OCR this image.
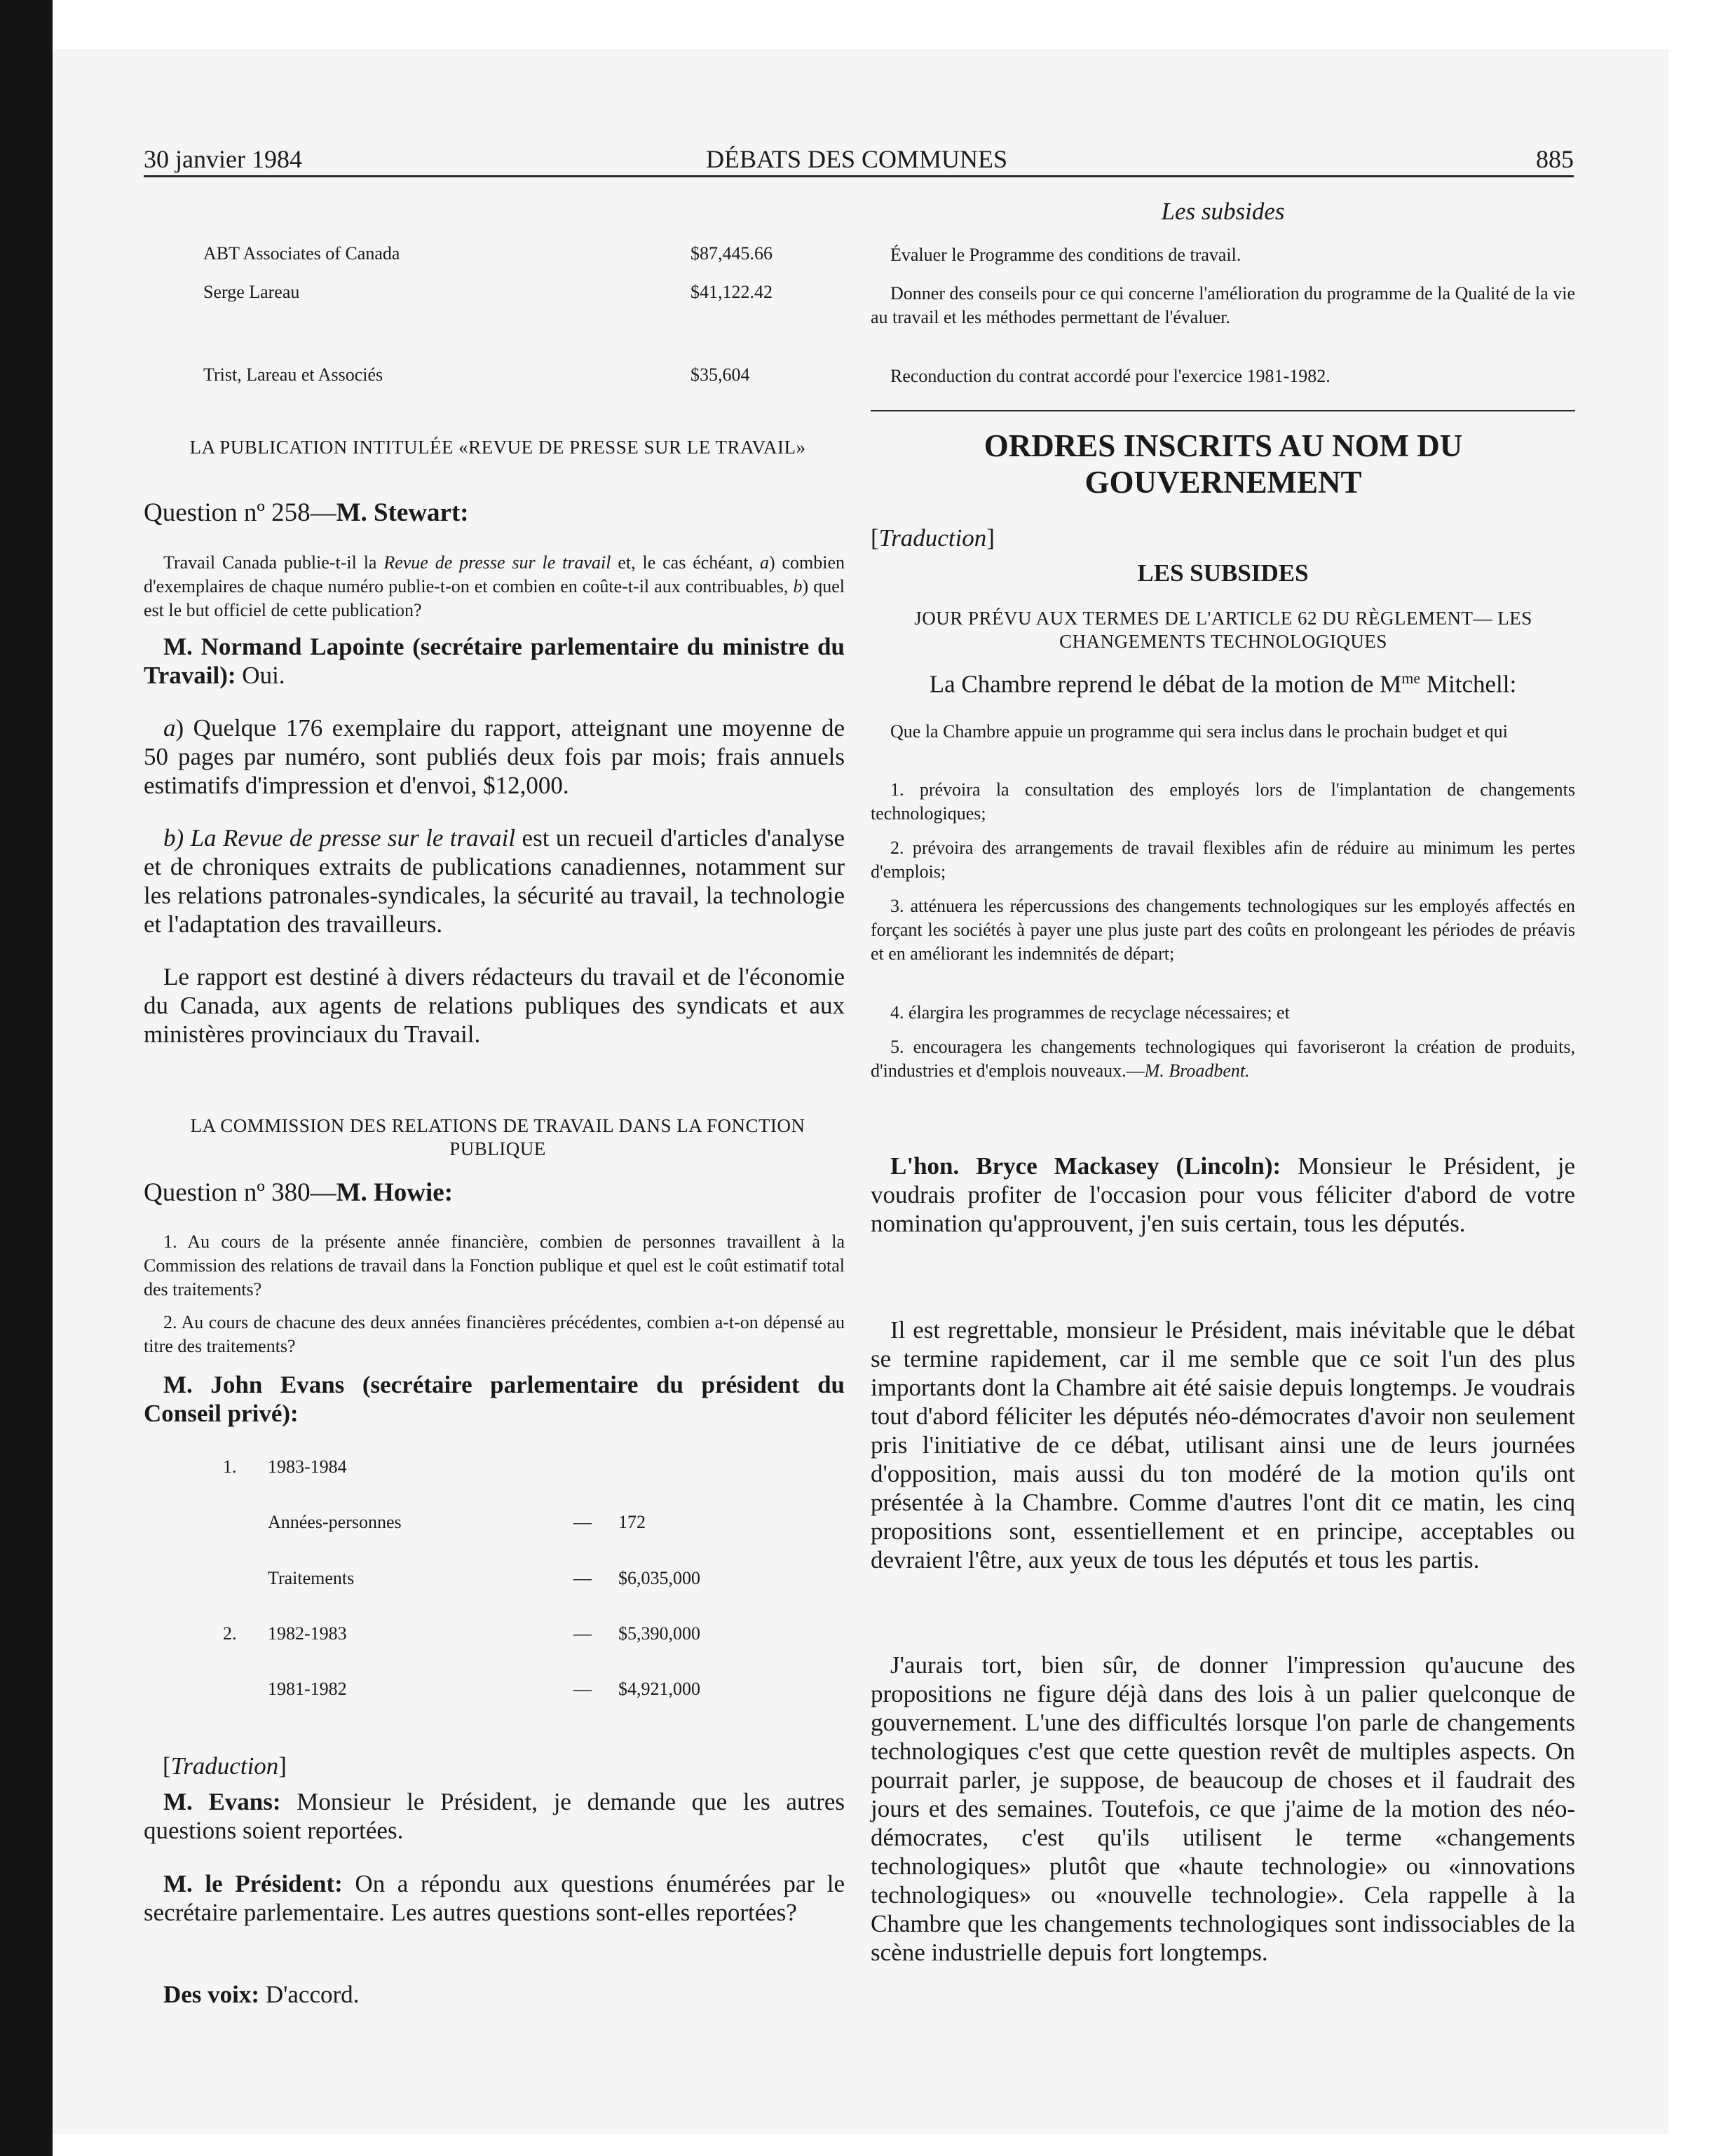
30 janvier 1984	DÉBATS DES COMMUNES	885
ABT Associates of Canada	$87,445.66
Serge Lareau	$41,122.42
Trist, Lareau et Associés	$35,604
LA PUBLICATION INTITULÉE «REVUE DE PRESSE SUR LE TRAVAIL»
Question nº 258—M. Stewart:

Travail Canada publie-t-il la Revue de presse sur le travail et, le cas échéant, a) combien d'exemplaires de chaque numéro publie-t-on et combien en coûte-t-il aux contribuables, b) quel est le but officiel de cette publication?

M. Normand Lapointe (secrétaire parlementaire du ministre du Travail): Oui.

a) Quelque 176 exemplaire du rapport, atteignant une moyenne de 50 pages par numéro, sont publiés deux fois par mois; frais annuels estimatifs d'impression et d'envoi, $12,000.

b) La Revue de presse sur le travail est un recueil d'articles d'analyse et de chroniques extraits de publications canadiennes, notamment sur les relations patronales-syndicales, la sécurité au travail, la technologie et l'adaptation des travailleurs.

Le rapport est destiné à divers rédacteurs du travail et de l'économie du Canada, aux agents de relations publiques des syndicats et aux ministères provinciaux du Travail.

LA COMMISSION DES RELATIONS DE TRAVAIL DANS LA FONCTION PUBLIQUE
Question nº 380—M. Howie:

1. Au cours de la présente année financière, combien de personnes travaillent à la Commission des relations de travail dans la Fonction publique et quel est le coût estimatif total des traitements?

2. Au cours de chacune des deux années financières précédentes, combien a-t-on dépensé au titre des traitements?

M. John Evans (secrétaire parlementaire du président du Conseil privé):

1. 1983-1984
Années-personnes	— 172
Traitements	— $6,035,000
2. 1982-1983	— $5,390,000
1981-1982	— $4,921,000
[Traduction]

M. Evans: Monsieur le Président, je demande que les autres questions soient reportées.

M. le Président: On a répondu aux questions énumérées par le secrétaire parlementaire. Les autres questions sont-elles reportées?

Des voix: D'accord.

Les subsides

Évaluer le Programme des conditions de travail.

Donner des conseils pour ce qui concerne l'amélioration du programme de la Qualité de la vie au travail et les méthodes permettant de l'évaluer.

Reconduction du contrat accordé pour l'exercice 1981-1982.

ORDRES INSCRITS AU NOM DU GOUVERNEMENT
[Traduction]
LES SUBSIDES
JOUR PRÉVU AUX TERMES DE L'ARTICLE 62 DU RÈGLEMENT— LES CHANGEMENTS TECHNOLOGIQUES
La Chambre reprend le débat de la motion de $M^{me}$ Mitchell:

Que la Chambre appuie un programme qui sera inclus dans le prochain budget et qui

1. prévoira la consultation des employés lors de l'implantation de changements technologiques;

2. prévoira des arrangements de travail flexibles afin de réduire au minimum les pertes d'emplois;

3. atténuera les répercussions des changements technologiques sur les employés affectés en forçant les sociétés à payer une plus juste part des coûts en prolongeant les périodes de préavis et en améliorant les indemnités de départ;

4. élargira les programmes de recyclage nécessaires; et

5. encouragera les changements technologiques qui favoriseront la création de produits, d'industries et d'emplois nouveaux.—M. Broadbent.

L'hon. Bryce Mackasey (Lincoln): Monsieur le Président, je voudrais profiter de l'occasion pour vous féliciter d'abord de votre nomination qu'approuvent, j'en suis certain, tous les députés.

Il est regrettable, monsieur le Président, mais inévitable que le débat se termine rapidement, car il me semble que ce soit l'un des plus importants dont la Chambre ait été saisie depuis longtemps. Je voudrais tout d'abord féliciter les députés néo-démocrates d'avoir non seulement pris l'initiative de ce débat, utilisant ainsi une de leurs journées d'opposition, mais aussi du ton modéré de la motion qu'ils ont présentée à la Chambre. Comme d'autres l'ont dit ce matin, les cinq propositions sont, essentiellement et en principe, acceptables ou devraient l'être, aux yeux de tous les députés et tous les partis.

J'aurais tort, bien sûr, de donner l'impression qu'aucune des propositions ne figure déjà dans des lois à un palier quelconque de gouvernement. L'une des difficultés lorsque l'on parle de changements technologiques c'est que cette question revêt de multiples aspects. On pourrait parler, je suppose, de beaucoup de choses et il faudrait des jours et des semaines. Toutefois, ce que j'aime de la motion des néo-démocrates, c'est qu'ils utilisent le terme «changements technologiques» plutôt que «haute technologie» ou «innovations technologiques» ou «nouvelle technologie». Cela rappelle à la Chambre que les changements technologiques sont indissociables de la scène industrielle depuis fort longtemps.
